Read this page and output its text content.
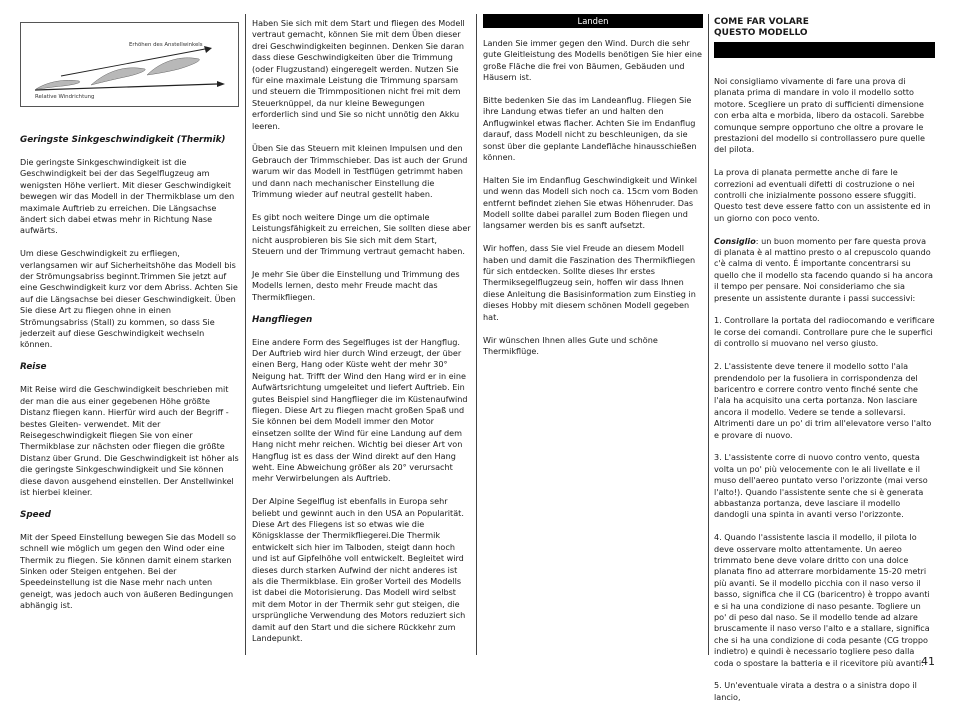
Erhöhen des Anstellwinkels
Relative Windrichtung
Geringste Sinkgeschwindigkeit (Thermik)

Die geringste Sinkgeschwindigkeit ist die Geschwindigkeit bei der das Segelflugzeug am wenigsten Höhe verliert. Mit dieser Geschwindigkeit bewegen wir das Modell in der Thermikblase um den maximale Auftrieb zu erreichen. Die Längsachse ändert sich dabei etwas mehr in Richtung Nase aufwärts.

Um diese Geschwindigkeit zu erfliegen, verlangsamen wir auf Sicherheitshöhe das Modell bis der Strömungsabriss beginnt.Trimmen Sie jetzt auf eine Geschwindigkeit kurz vor dem Abriss. Achten Sie auf die Längsachse bei dieser Geschwindigkeit. Üben Sie diese Art zu fliegen ohne in einen Strömungsabriss (Stall) zu kommen, so dass Sie jederzeit auf diese Geschwindigkeit wechseln können.

Reise

Mit Reise wird die Geschwindigkeit beschrieben mit der man die aus einer gegebenen Höhe größte Distanz fliegen kann. Hierfür wird auch der Begriff -bestes Gleiten- verwendet. Mit der Reisegeschwindigkeit fliegen Sie von einer Thermikblase zur nächsten oder fliegen die größte Distanz über Grund. Die Geschwindigkeit ist höher als die geringste Sinkgeschwindigkeit und Sie können diese davon ausgehend einstellen. Der Anstellwinkel ist hierbei kleiner.

Speed

Mit der Speed Einstellung bewegen Sie das Modell so schnell wie möglich um gegen den Wind oder eine Thermik zu fliegen. Sie können damit einem starken Sinken oder Steigen entgehen. Bei der Speedeinstellung ist die Nase mehr nach unten geneigt, was jedoch auch von äußeren Bedingungen abhängig ist.

Haben Sie sich mit dem Start und fliegen des Modell vertraut gemacht, können Sie mit dem Üben dieser drei Geschwindigkeiten beginnen. Denken Sie daran dass diese Geschwindigkeiten über die Trimmung (oder Flugzustand) eingeregelt werden. Nutzen Sie für eine maximale Leistung die Trimmung sparsam und steuern die Trimmpositionen nicht frei mit dem Steuerknüppel, da nur kleine Bewegungen erforderlich sind und Sie so nicht unnötig den Akku leeren.

Üben Sie das Steuern mit kleinen Impulsen und den Gebrauch der Trimmschieber. Das ist auch der Grund warum wir das Modell in Testflügen getrimmt haben und dann nach mechanischer Einstellung die Trimmung wieder auf neutral gestellt haben.

Es gibt noch weitere Dinge um die optimale Leistungsfähigkeit zu erreichen, Sie sollten diese aber nicht ausprobieren bis Sie sich mit dem Start, Steuern und der Trimmung vertraut gemacht haben.

Je mehr Sie über die Einstellung und Trimmung des Modells lernen, desto mehr Freude macht das Thermikfliegen.

Hangfliegen

Eine andere Form des Segelfluges ist der Hangflug. Der Auftrieb wird hier durch Wind erzeugt, der über einen Berg, Hang oder Küste weht der mehr 30° Neigung hat. Trifft der Wind den Hang wird er in eine Aufwärtsrichtung umgeleitet und liefert Auftrieb. Ein gutes Beispiel sind Hangflieger die im Küstenaufwind fliegen. Diese Art zu fliegen macht großen Spaß und Sie können bei dem Modell immer den Motor einsetzen sollte der Wind für eine Landung auf dem Hang nicht mehr reichen. Wichtig bei dieser Art von Hangflug ist es dass der Wind direkt auf den Hang weht. Eine Abweichung größer als 20° verursacht mehr Verwirbelungen als Auftrieb.

Der Alpine Segelflug ist ebenfalls in Europa sehr beliebt und gewinnt auch in den USA an Popularität. Diese Art des Fliegens ist so etwas wie die Königsklasse der Thermikfliegerei.Die Thermik entwickelt sich hier im Talboden, steigt dann hoch und ist auf Gipfelhöhe voll entwickelt. Begleitet wird dieses durch starken Aufwind der nicht anderes ist als die Thermikblase. Ein großer Vorteil des Modells ist dabei die Motorisierung. Das Modell wird selbst mit dem Motor in der Thermik sehr gut steigen, die ursprüngliche Verwendung des Motors reduziert sich damit auf den Start und die sichere Rückkehr zum Landepunkt.

Landen

Landen Sie immer gegen den Wind. Durch die sehr gute Gleitleistung des Modells benötigen Sie hier eine große Fläche die frei von Bäumen, Gebäuden und Häusern ist.

Bitte bedenken Sie das im Landeanflug. Fliegen Sie ihre Landung etwas tiefer an und halten den Anflugwinkel etwas flacher. Achten Sie im Endanflug darauf, dass Modell nicht zu beschleunigen, da sie sonst über die geplante Landefläche hinausschießen können.

Halten Sie im Endanflug Geschwindigkeit und Winkel und wenn das Modell sich noch ca. 15cm vom Boden entfernt befindet ziehen Sie etwas Höhenruder. Das Modell sollte dabei parallel zum Boden fliegen und langsamer werden bis es sanft aufsetzt.

Wir hoffen, dass Sie viel Freude an diesem Modell haben und damit die Faszination des Thermikfliegen für sich entdecken. Sollte dieses Ihr erstes Thermiksegelflugzeug sein, hoffen wir dass Ihnen diese Anleitung die Basisinformation zum Einstieg in dieses Hobby mit diesem schönen Modell gegeben hat.

Wir wünschen Ihnen alles Gute und schöne Thermikflüge.

COME FAR VOLARE
QUESTO MODELLO

Noi consigliamo vivamente di fare una prova di planata prima di mandare in volo il modello sotto motore. Scegliere un prato di sufficienti dimensione con erba alta e morbida, libero da ostacoli. Sarebbe comunque sempre opportuno che oltre a provare le prestazioni del modello si controllassero pure quelle del pilota.

La prova di planata permette anche di fare le correzioni ad eventuali difetti di costruzione o nei controlli che inizialmente possono essere sfuggiti. Questo test deve essere fatto con un assistente ed in un giorno con poco vento.

Consiglio: un buon momento per fare questa prova di planata è al mattino presto o al crepuscolo quando c'è calma di vento. É importante concentrarsi su quello che il modello sta facendo quando si ha ancora il tempo per pensare. Noi consideriamo che sia presente un assistente durante i passi successivi:

1. Controllare la portata del radiocomando e verificare le corse dei comandi. Controllare pure che le superfici di controllo si muovano nel verso giusto.

2. L'assistente deve tenere il modello sotto l'ala prendendolo per la fusoliera in corrispondenza del baricentro e correre contro vento finché sente che l'ala ha acquisito una certa portanza. Non lasciare ancora il modello. Vedere se tende a sollevarsi. Altrimenti dare un po' di trim all'elevatore verso l'alto e provare di nuovo.

3. L'assistente corre di nuovo contro vento, questa volta un po' più velocemente con le ali livellate e il muso dell'aereo puntato verso l'orizzonte (mai verso l'alto!). Quando l'assistente sente che si è generata abbastanza portanza, deve lasciare il modello dandogli una spinta in avanti verso l'orizzonte.

4. Quando l'assistente lascia il modello, il pilota lo deve osservare molto attentamente. Un aereo trimmato bene deve volare dritto con una dolce planata fino ad atterrare morbidamente 15-20 metri più avanti. Se il modello picchia con il naso verso il basso, significa che il CG (baricentro) è troppo avanti e si ha una condizione di naso pesante. Togliere un po' di peso dal naso. Se il modello tende ad alzare bruscamente il naso verso l'alto e a stallare, significa che si ha una condizione di coda pesante (CG troppo indietro) e quindi è necessario togliere peso dalla coda o spostare la batteria e il ricevitore più avanti.

5. Un'eventuale virata a destra o a sinistra dopo il lancio,

41
